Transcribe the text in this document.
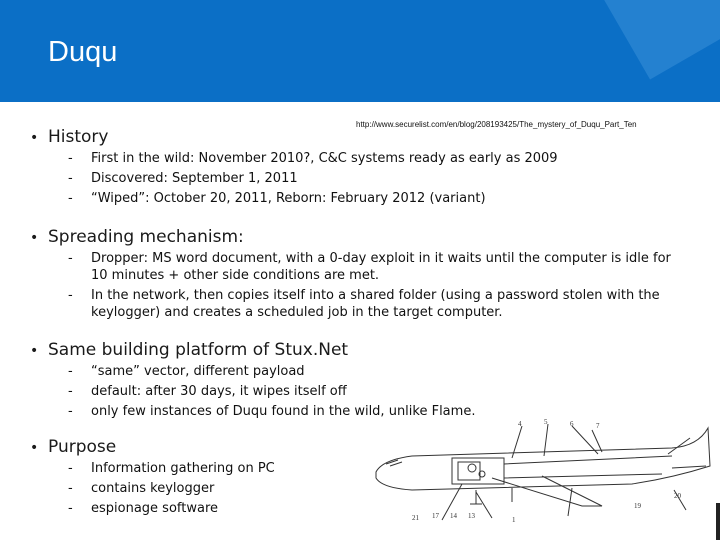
Duqu
http://www.securelist.com/en/blog/208193425/The_mystery_of_Duqu_Part_Ten
• History
-	First in the wild: November 2010?, C&C systems ready as early as 2009
-	Discovered: September 1, 2011
-	“Wiped”: October 20, 2011, Reborn: February 2012 (variant)
• Spreading mechanism:
-	Dropper: MS word document, with a 0-day exploit in it waits until the computer is idle for 10 minutes + other side conditions are met.
-	In the network, then copies itself into a shared folder (using a password stolen with the keylogger) and creates a scheduled job in the target computer.
• Same building platform of Stux.Net
-	“same” vector, different payload
-	default: after 30 days, it wipes itself off
-	only few instances of Duqu found in the wild, unlike Flame.
• Purpose
-	Information gathering on PC
-	contains keylogger
-	espionage software
4	5	6	7
20
19
21 17 14 13	1
